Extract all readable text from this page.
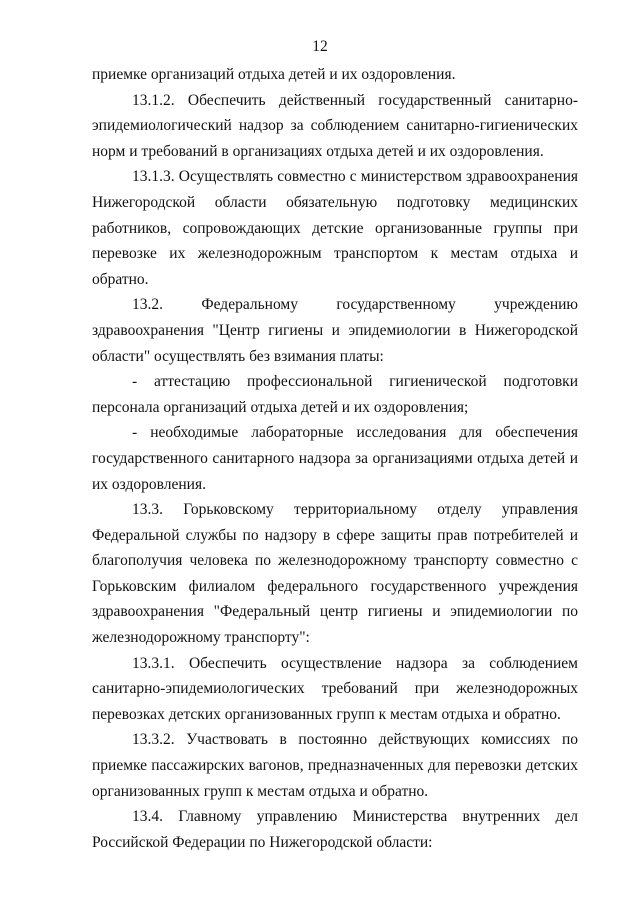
12

приемке организаций отдыха детей и их оздоровления.

13.1.2. Обеспечить действенный государственный санитарно-эпидемиологический надзор за соблюдением санитарно-гигиенических норм и требований в организациях отдыха детей и их оздоровления.

13.1.3. Осуществлять совместно с министерством здравоохранения Нижегородской области обязательную подготовку медицинских работников, сопровождающих детские организованные группы при перевозке их железнодорожным транспортом к местам отдыха и обратно.

13.2. Федеральному государственному учреждению здравоохранения "Центр гигиены и эпидемиологии в Нижегородской области" осуществлять без взимания платы:

- аттестацию профессиональной гигиенической подготовки персонала организаций отдыха детей и их оздоровления;

- необходимые лабораторные исследования для обеспечения государственного санитарного надзора за организациями отдыха детей и их оздоровления.

13.3. Горьковскому территориальному отделу управления Федеральной службы по надзору в сфере защиты прав потребителей и благополучия человека по железнодорожному транспорту совместно с Горьковским филиалом федерального государственного учреждения здравоохранения "Федеральный центр гигиены и эпидемиологии по железнодорожному транспорту":

13.3.1. Обеспечить осуществление надзора за соблюдением санитарно-эпидемиологических требований при железнодорожных перевозках детских организованных групп к местам отдыха и обратно.

13.3.2. Участвовать в постоянно действующих комиссиях по приемке пассажирских вагонов, предназначенных для перевозки детских организованных групп к местам отдыха и обратно.

13.4. Главному управлению Министерства внутренних дел Российской Федерации по Нижегородской области:
